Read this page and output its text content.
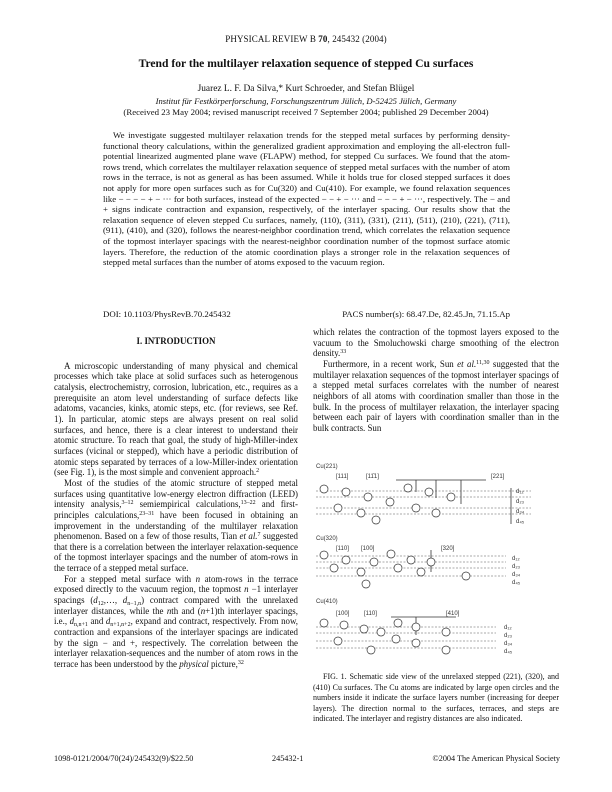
PHYSICAL REVIEW B 70, 245432 (2004)
Trend for the multilayer relaxation sequence of stepped Cu surfaces
Juarez L. F. Da Silva,* Kurt Schroeder, and Stefan Blügel
Institut für Festkörperforschung, Forschungszentrum Jülich, D-52425 Jülich, Germany
(Received 23 May 2004; revised manuscript received 7 September 2004; published 29 December 2004)
We investigate suggested multilayer relaxation trends for the stepped metal surfaces by performing density-functional theory calculations, within the generalized gradient approximation and employing the all-electron full-potential linearized augmented plane wave (FLAPW) method, for stepped Cu surfaces. We found that the atom-rows trend, which correlates the multilayer relaxation sequence of stepped metal surfaces with the number of atom rows in the terrace, is not as general as has been assumed. While it holds true for closed stepped surfaces it does not apply for more open surfaces such as for Cu(320) and Cu(410). For example, we found relaxation sequences like − − − − + − ··· for both surfaces, instead of the expected − − + − ··· and − − − + − ···, respectively. The − and + signs indicate contraction and expansion, respectively, of the interlayer spacing. Our results show that the relaxation sequence of eleven stepped Cu surfaces, namely, (110), (311), (331), (211), (511), (210), (221), (711), (911), (410), and (320), follows the nearest-neighbor coordination trend, which correlates the relaxation sequence of the topmost interlayer spacings with the nearest-neighbor coordination number of the topmost surface atomic layers. Therefore, the reduction of the atomic coordination plays a stronger role in the relaxation sequences of stepped metal surfaces than the number of atoms exposed to the vacuum region.
DOI: 10.1103/PhysRevB.70.245432	PACS number(s): 68.47.De, 82.45.Jn, 71.15.Ap
I. INTRODUCTION

A microscopic understanding of many physical and chemical processes which take place at solid surfaces such as heterogenous catalysis, electrochemistry, corrosion, lubrication, etc., requires as a prerequisite an atom level understanding of surface defects like adatoms, vacancies, kinks, atomic steps, etc. (for reviews, see Ref. 1). In particular, atomic steps are always present on real solid surfaces, and hence, there is a clear interest to understand their atomic structure. To reach that goal, the study of high-Miller-index surfaces (vicinal or stepped), which have a periodic distribution of atomic steps separated by terraces of a low-Miller-index orientation (see Fig. 1), is the most simple and convenient approach.$^2$

Most of the studies of the atomic structure of stepped metal surfaces using quantitative low-energy electron diffraction (LEED) intensity analysis,$^{3-12}$ semiempirical calculations,$^{13-22}$ and first-principles calculations,$^{23-31}$ have been focused in obtaining an improvement in the understanding of the multilayer relaxation phenomenon. Based on a few of those results, Tian et al.$^7$ suggested that there is a correlation between the interlayer relaxation-sequence of the topmost interlayer spacings and the number of atom-rows in the terrace of a stepped metal surface.

For a stepped metal surface with n atom-rows in the terrace exposed directly to the vacuum region, the topmost n −1 interlayer spacings ($d_{12},\dots$, $d_{n-1,n}$) contract compared with the unrelaxed interlayer distances, while the nth and (n+1)th interlayer spacings, i.e., $d_{n,n+1}$ and $d_{n+1,n+2}$, expand and contract, respectively. From now, contraction and expansions of the interlayer spacings are indicated by the sign − and +, respectively. The correlation between the interlayer relaxation-sequences and the number of atom rows in the terrace has been understood by the physical picture,$^{32}$

which relates the contraction of the topmost layers exposed to the vacuum to the Smoluchowski charge smoothing of the electron density.$^{33}$

Furthermore, in a recent work, Sun et al.$^{11,30}$ suggested that the multilayer relaxation sequences of the topmost interlayer spacings of a stepped metal surfaces correlates with the number of nearest neighbors of all atoms with coordination smaller than those in the bulk. In the process of multilayer relaxation, the interlayer spacing between each pair of layers with coordination smaller than in the bulk contracts. Sun

Cu(221)
[111]	[11̄1]	[221]
d₁₂
d₂₃
d₃₄
d₄₅
Cu(320)
[110] [100]	[320]
d₁₂
d₂₃
d₃₄
d₄₅
Cu(410)
[100] [110]	[410]
d₁₂
d₂₃
d₃₄
d₄₅
FIG. 1. Schematic side view of the unrelaxed stepped (221), (320), and (410) Cu surfaces. The Cu atoms are indicated by large open circles and the numbers inside it indicate the surface layers number (increasing for deeper layers). The direction normal to the surfaces, terraces, and steps are indicated. The interlayer and registry distances are also indicated.
1098-0121/2004/70(24)/245432(9)/$22.50	245432-1	©2004 The American Physical Society
